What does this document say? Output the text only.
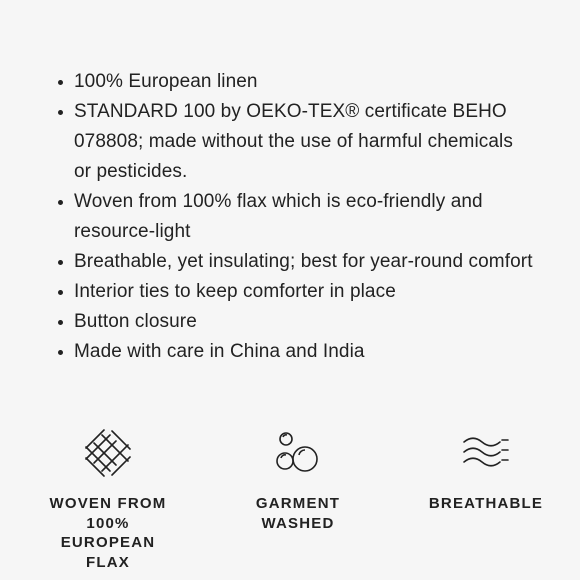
100% European linen
STANDARD 100 by OEKO-TEX® certificate BEHO 078808; made without the use of harmful chemicals or pesticides.
Woven from 100% flax which is eco-friendly and resource-light
Breathable, yet insulating; best for year-round comfort
Interior ties to keep comforter in place
Button closure
Made with care in China and India
WOVEN FROM 100% EUROPEAN FLAX
GARMENT WASHED
BREATHABLE
